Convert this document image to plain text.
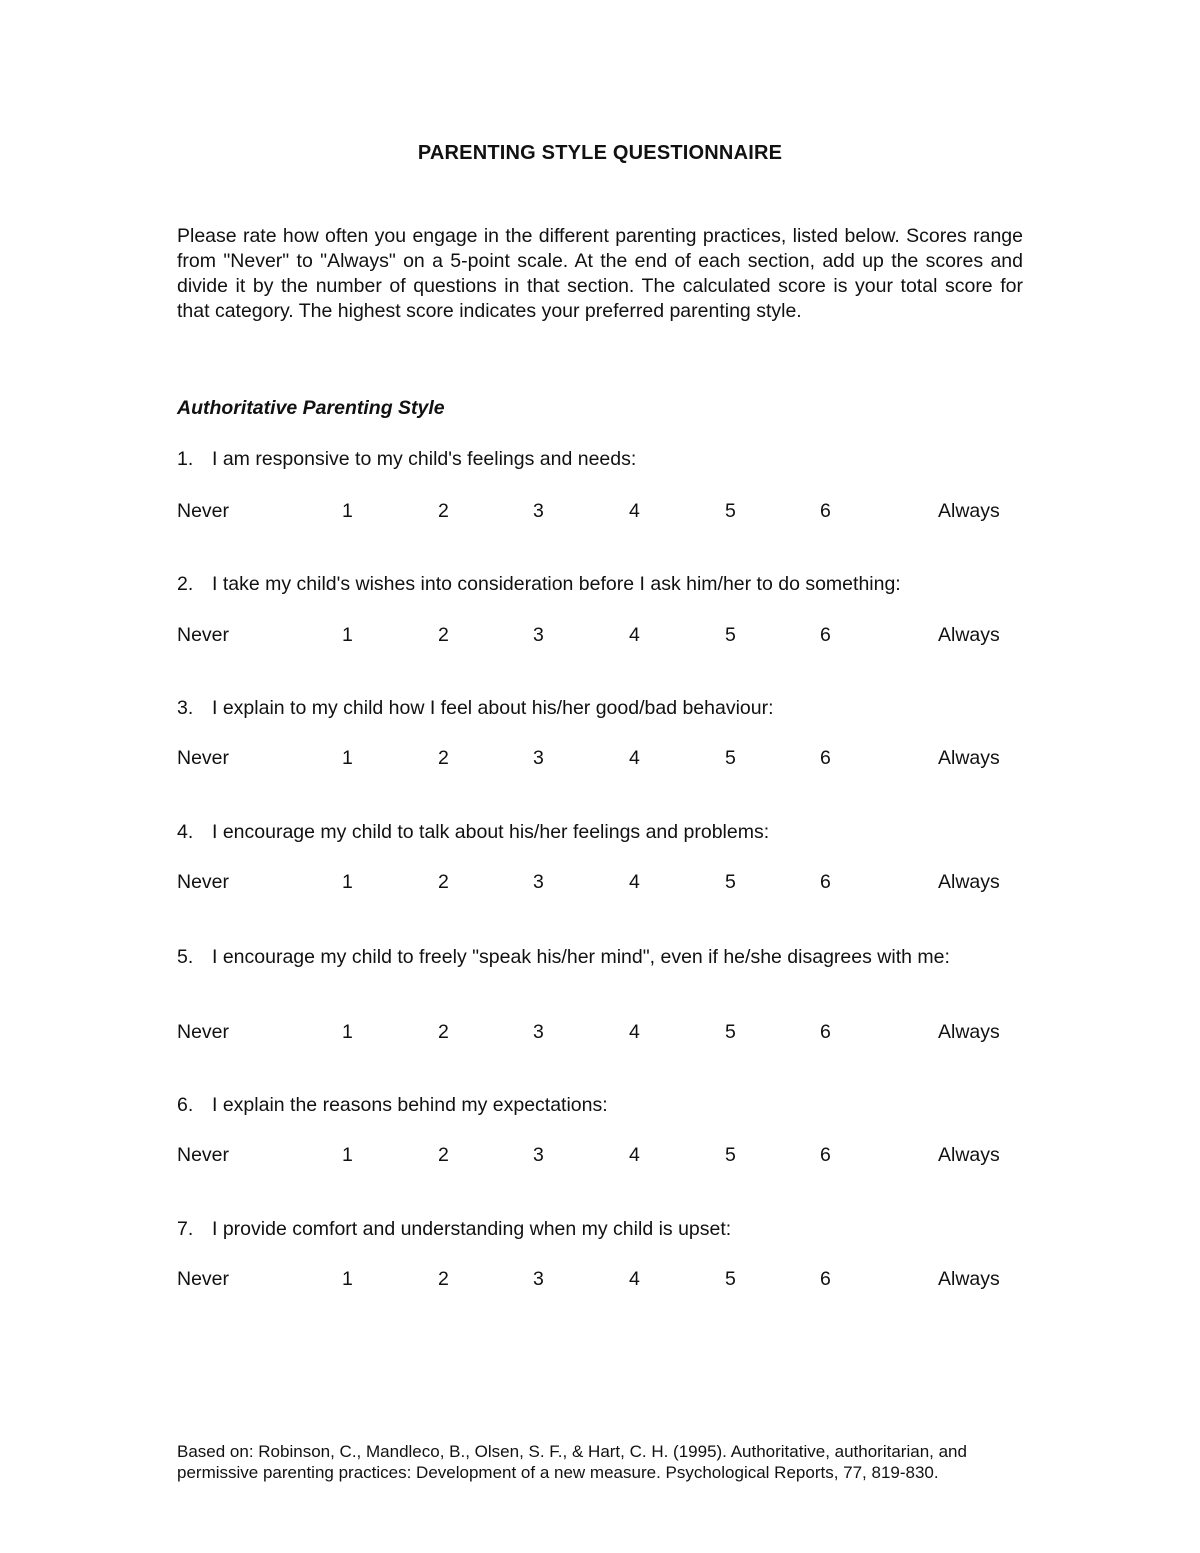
PARENTING STYLE QUESTIONNAIRE

Please rate how often you engage in the different parenting practices, listed below. Scores range from "Never" to "Always" on a 5-point scale. At the end of each section, add up the scores and divide it by the number of questions in that section. The calculated score is your total score for that category. The highest score indicates your preferred parenting style.

Authoritative Parenting Style
1. I am responsive to my child's feelings and needs:
Never	1	2	3	4	5	6	Always
2. I take my child's wishes into consideration before I ask him/her to do something:
Never	1	2	3	4	5	6	Always
3. I explain to my child how I feel about his/her good/bad behaviour:
Never	1	2	3	4	5	6	Always
4. I encourage my child to talk about his/her feelings and problems:
Never	1	2	3	4	5	6	Always
5. I encourage my child to freely "speak his/her mind", even if he/she disagrees with me:
Never	1	2	3	4	5	6	Always
6. I explain the reasons behind my expectations:
Never	1	2	3	4	5	6	Always
7. I provide comfort and understanding when my child is upset:
Never	1	2	3	4	5	6	Always

Based on: Robinson, C., Mandleco, B., Olsen, S. F., & Hart, C. H. (1995). Authoritative, authoritarian, and permissive parenting practices: Development of a new measure. Psychological Reports, 77, 819-830.
